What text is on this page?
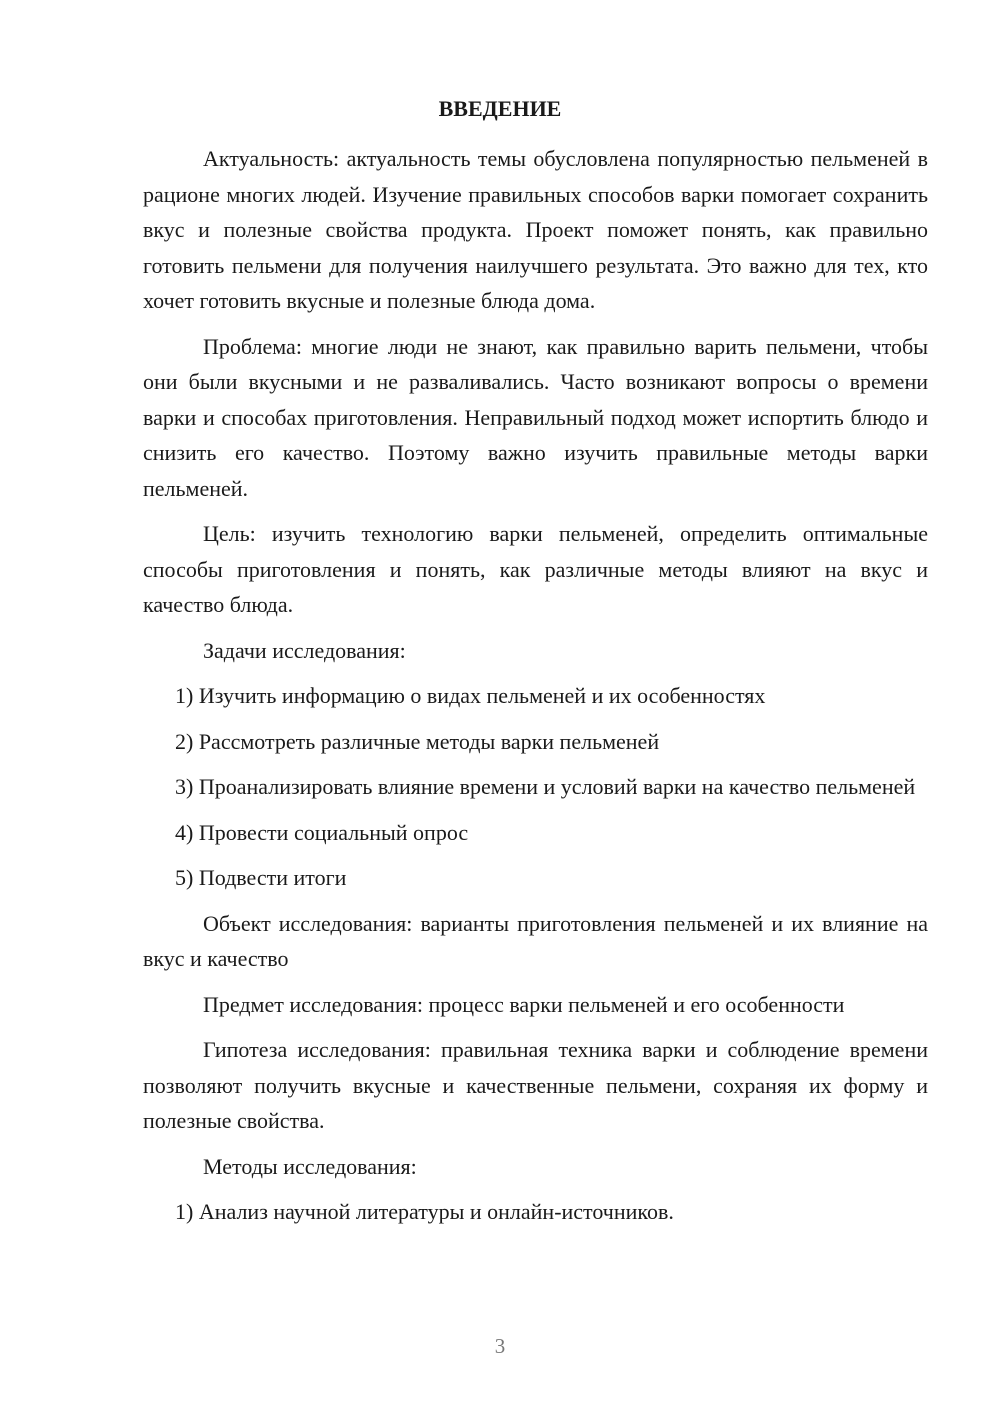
ВВЕДЕНИЕ

Актуальность: актуальность темы обусловлена популярностью пельменей в рационе многих людей. Изучение правильных способов варки помогает сохранить вкус и полезные свойства продукта. Проект поможет понять, как правильно готовить пельмени для получения наилучшего результата. Это важно для тех, кто хочет готовить вкусные и полезные блюда дома.

Проблема: многие люди не знают, как правильно варить пельмени, чтобы они были вкусными и не разваливались. Часто возникают вопросы о времени варки и способах приготовления. Неправильный подход может испортить блюдо и снизить его качество. Поэтому важно изучить правильные методы варки пельменей.

Цель: изучить технологию варки пельменей, определить оптимальные способы приготовления и понять, как различные методы влияют на вкус и качество блюда.

Задачи исследования:

1) Изучить информацию о видах пельменей и их особенностях

2) Рассмотреть различные методы варки пельменей

3) Проанализировать влияние времени и условий варки на качество пельменей

4) Провести социальный опрос

5) Подвести итоги

Объект исследования: варианты приготовления пельменей и их влияние на вкус и качество

Предмет исследования: процесс варки пельменей и его особенности

Гипотеза исследования: правильная техника варки и соблюдение времени позволяют получить вкусные и качественные пельмени, сохраняя их форму и полезные свойства.

Методы исследования:

1) Анализ научной литературы и онлайн-источников.

3
